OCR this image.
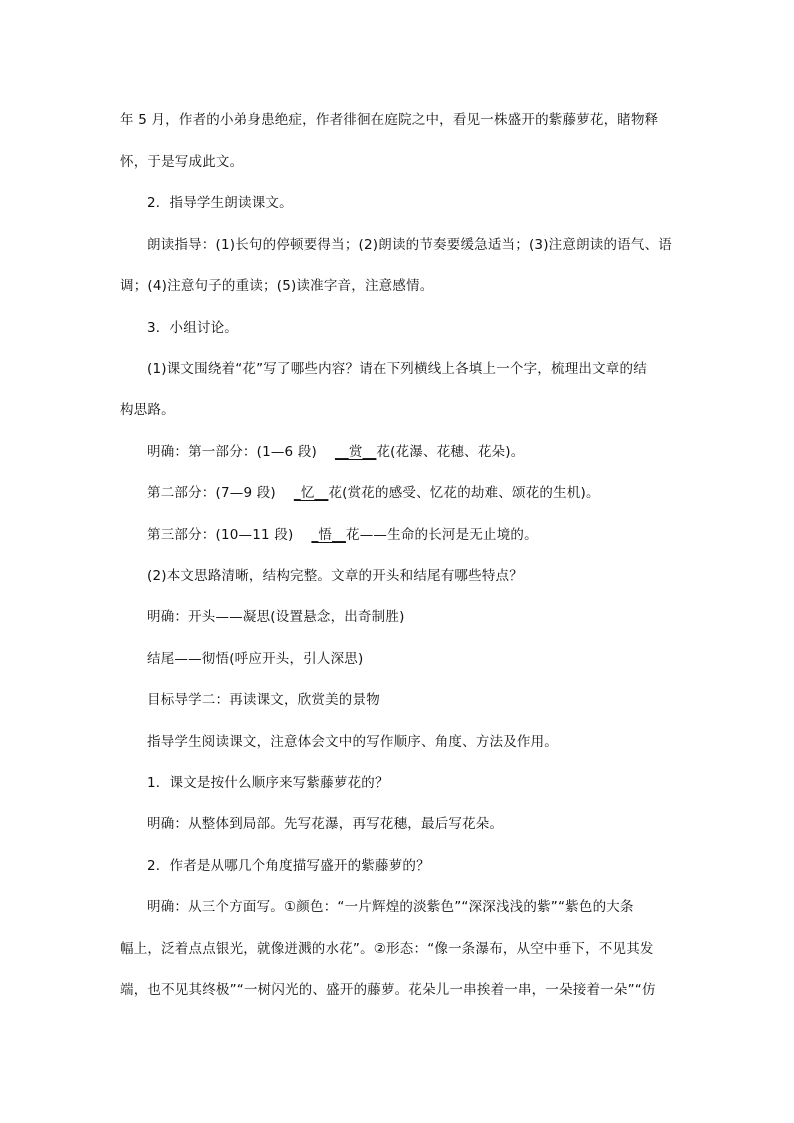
年 5 月，作者的小弟身患绝症，作者徘徊在庭院之中，看见一株盛开的紫藤萝花，睹物释
怀，于是写成此文。
2．指导学生朗读课文。
朗读指导：(1)长句的停顿要得当；(2)朗读的节奏要缓急适当；(3)注意朗读的语气、语
调；(4)注意句子的重读；(5)读准字音，注意感情。
3．小组讨论。
(1)课文围绕着“花”写了哪些内容？请在下列横线上各填上一个字，梳理出文章的结
构思路。
明确：第一部分：(1—6 段)    __赏__花(花瀑、花穗、花朵)。
第二部分：(7—9 段)    _忆__花(赏花的感受、忆花的劫难、颂花的生机)。
第三部分：(10—11 段)    _悟__花——生命的长河是无止境的。
(2)本文思路清晰，结构完整。文章的开头和结尾有哪些特点？
明确：开头——凝思(设置悬念，出奇制胜)
结尾——彻悟(呼应开头，引人深思)
目标导学二：再读课文，欣赏美的景物
指导学生阅读课文，注意体会文中的写作顺序、角度、方法及作用。
1．课文是按什么顺序来写紫藤萝花的？
明确：从整体到局部。先写花瀑，再写花穗，最后写花朵。
2．作者是从哪几个角度描写盛开的紫藤萝的？
明确：从三个方面写。①颜色：“一片辉煌的淡紫色”“深深浅浅的紫”“紫色的大条
幅上，泛着点点银光，就像迸溅的水花”。②形态：“像一条瀑布，从空中垂下，不见其发
端，也不见其终极”“一树闪光的、盛开的藤萝。花朵儿一串挨着一串，一朵接着一朵”“仿
